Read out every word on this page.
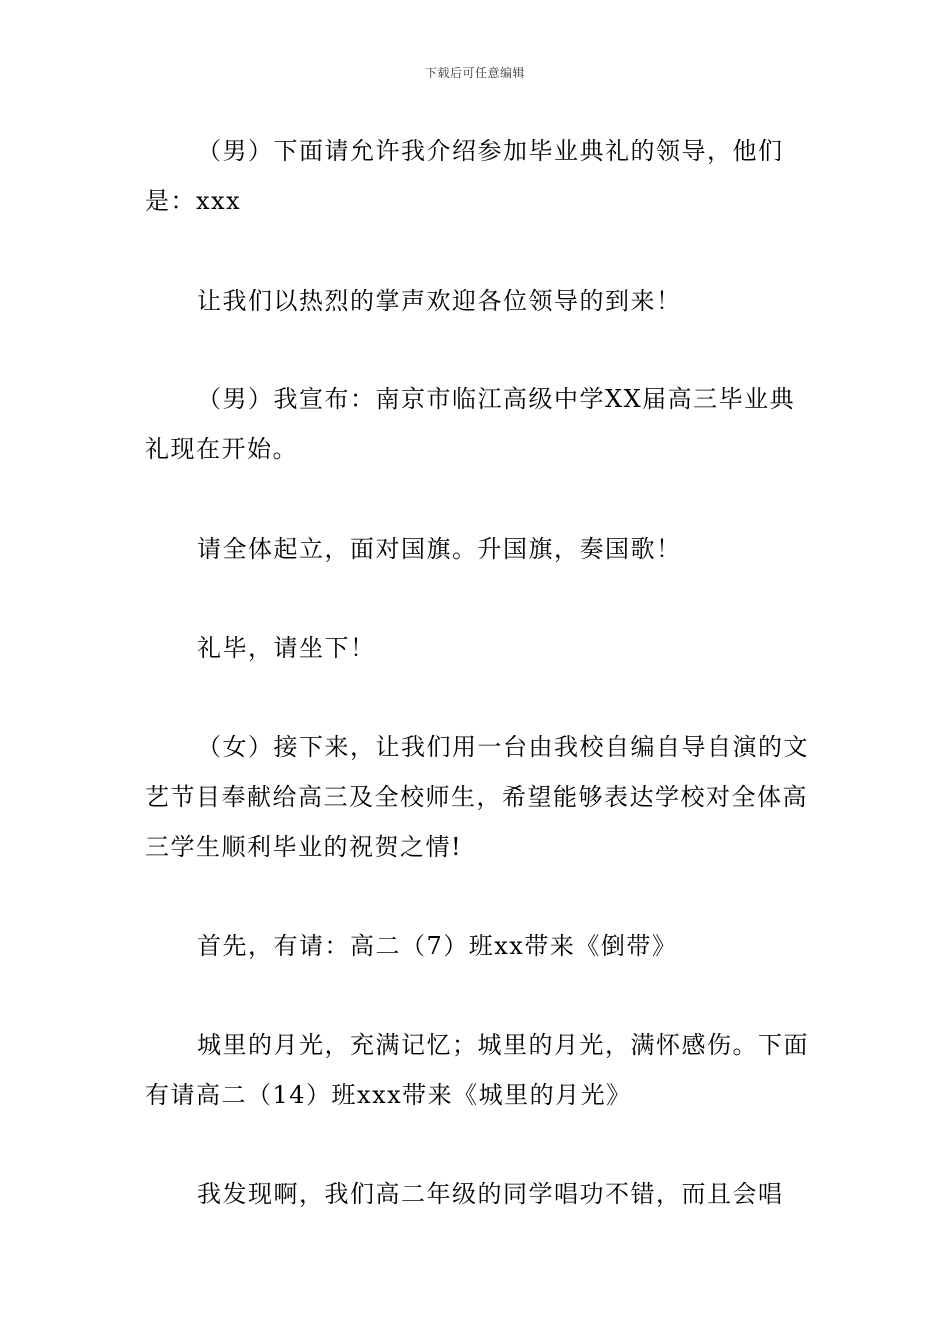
下载后可任意编辑

（男）下面请允许我介绍参加毕业典礼的领导，他们是：xxx

让我们以热烈的掌声欢迎各位领导的到来！

（男）我宣布：南京市临江高级中学XX届高三毕业典礼现在开始。

请全体起立，面对国旗。升国旗，奏国歌！

礼毕，请坐下！

（女）接下来，让我们用一台由我校自编自导自演的文艺节目奉献给高三及全校师生，希望能够表达学校对全体高三学生顺利毕业的祝贺之情!

首先，有请：高二（7）班xx带来《倒带》

城里的月光，充满记忆；城里的月光，满怀感伤。下面有请高二（14）班xxx带来《城里的月光》

我发现啊，我们高二年级的同学唱功不错，而且会唱
